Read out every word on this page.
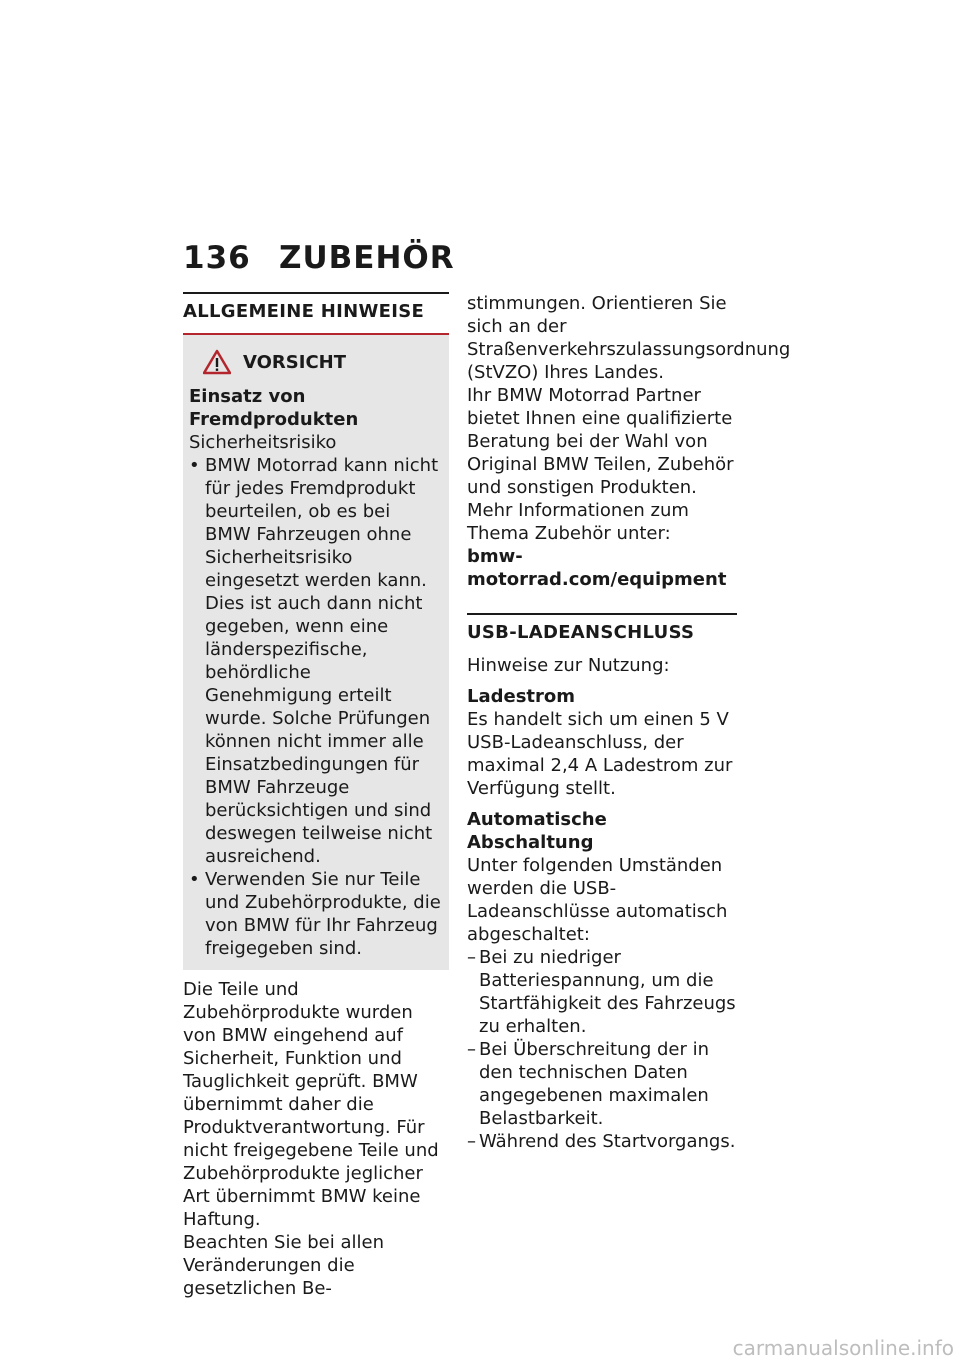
136 ZUBEHÖR
ALLGEMEINE HINWEISE
VORSICHT

Einsatz von Fremdprodukten

Sicherheitsrisiko

• BMW Motorrad kann nicht für jedes Fremdprodukt beurteilen, ob es bei BMW Fahrzeugen ohne Sicherheitsrisiko eingesetzt werden kann. Dies ist auch dann nicht gegeben, wenn eine länderspezifische, behördliche Genehmigung erteilt wurde. Solche Prüfungen können nicht immer alle Einsatzbedingungen für BMW Fahrzeuge berücksichtigen und sind deswegen teilweise nicht ausreichend.
• Verwenden Sie nur Teile und Zubehörprodukte, die von BMW für Ihr Fahrzeug freigegeben sind.

Die Teile und Zubehörprodukte wurden von BMW eingehend auf Sicherheit, Funktion und Tauglichkeit geprüft. BMW übernimmt daher die Produktverantwortung. Für nicht freigegebene Teile und Zubehörprodukte jeglicher Art übernimmt BMW keine Haftung.

Beachten Sie bei allen Veränderungen die gesetzlichen Be-

stimmungen. Orientieren Sie sich an der Straßenverkehrszulassungsordnung (StVZO) Ihres Landes.

Ihr BMW Motorrad Partner bietet Ihnen eine qualifizierte Beratung bei der Wahl von Original BMW Teilen, Zubehör und sonstigen Produkten.

Mehr Informationen zum Thema Zubehör unter:

bmw-motorrad.com/equipment

USB-LADEANSCHLUSS

Hinweise zur Nutzung:

Ladestrom

Es handelt sich um einen 5 V USB-Ladeanschluss, der maximal 2,4 A Ladestrom zur Verfügung stellt.

Automatische Abschaltung

Unter folgenden Umständen werden die USB-Ladeanschlüsse automatisch abgeschaltet:

– Bei zu niedriger Batteriespannung, um die Startfähigkeit des Fahrzeugs zu erhalten.
– Bei Überschreitung der in den technischen Daten angegebenen maximalen Belastbarkeit.
– Während des Startvorgangs.
carmanualsonline.info
